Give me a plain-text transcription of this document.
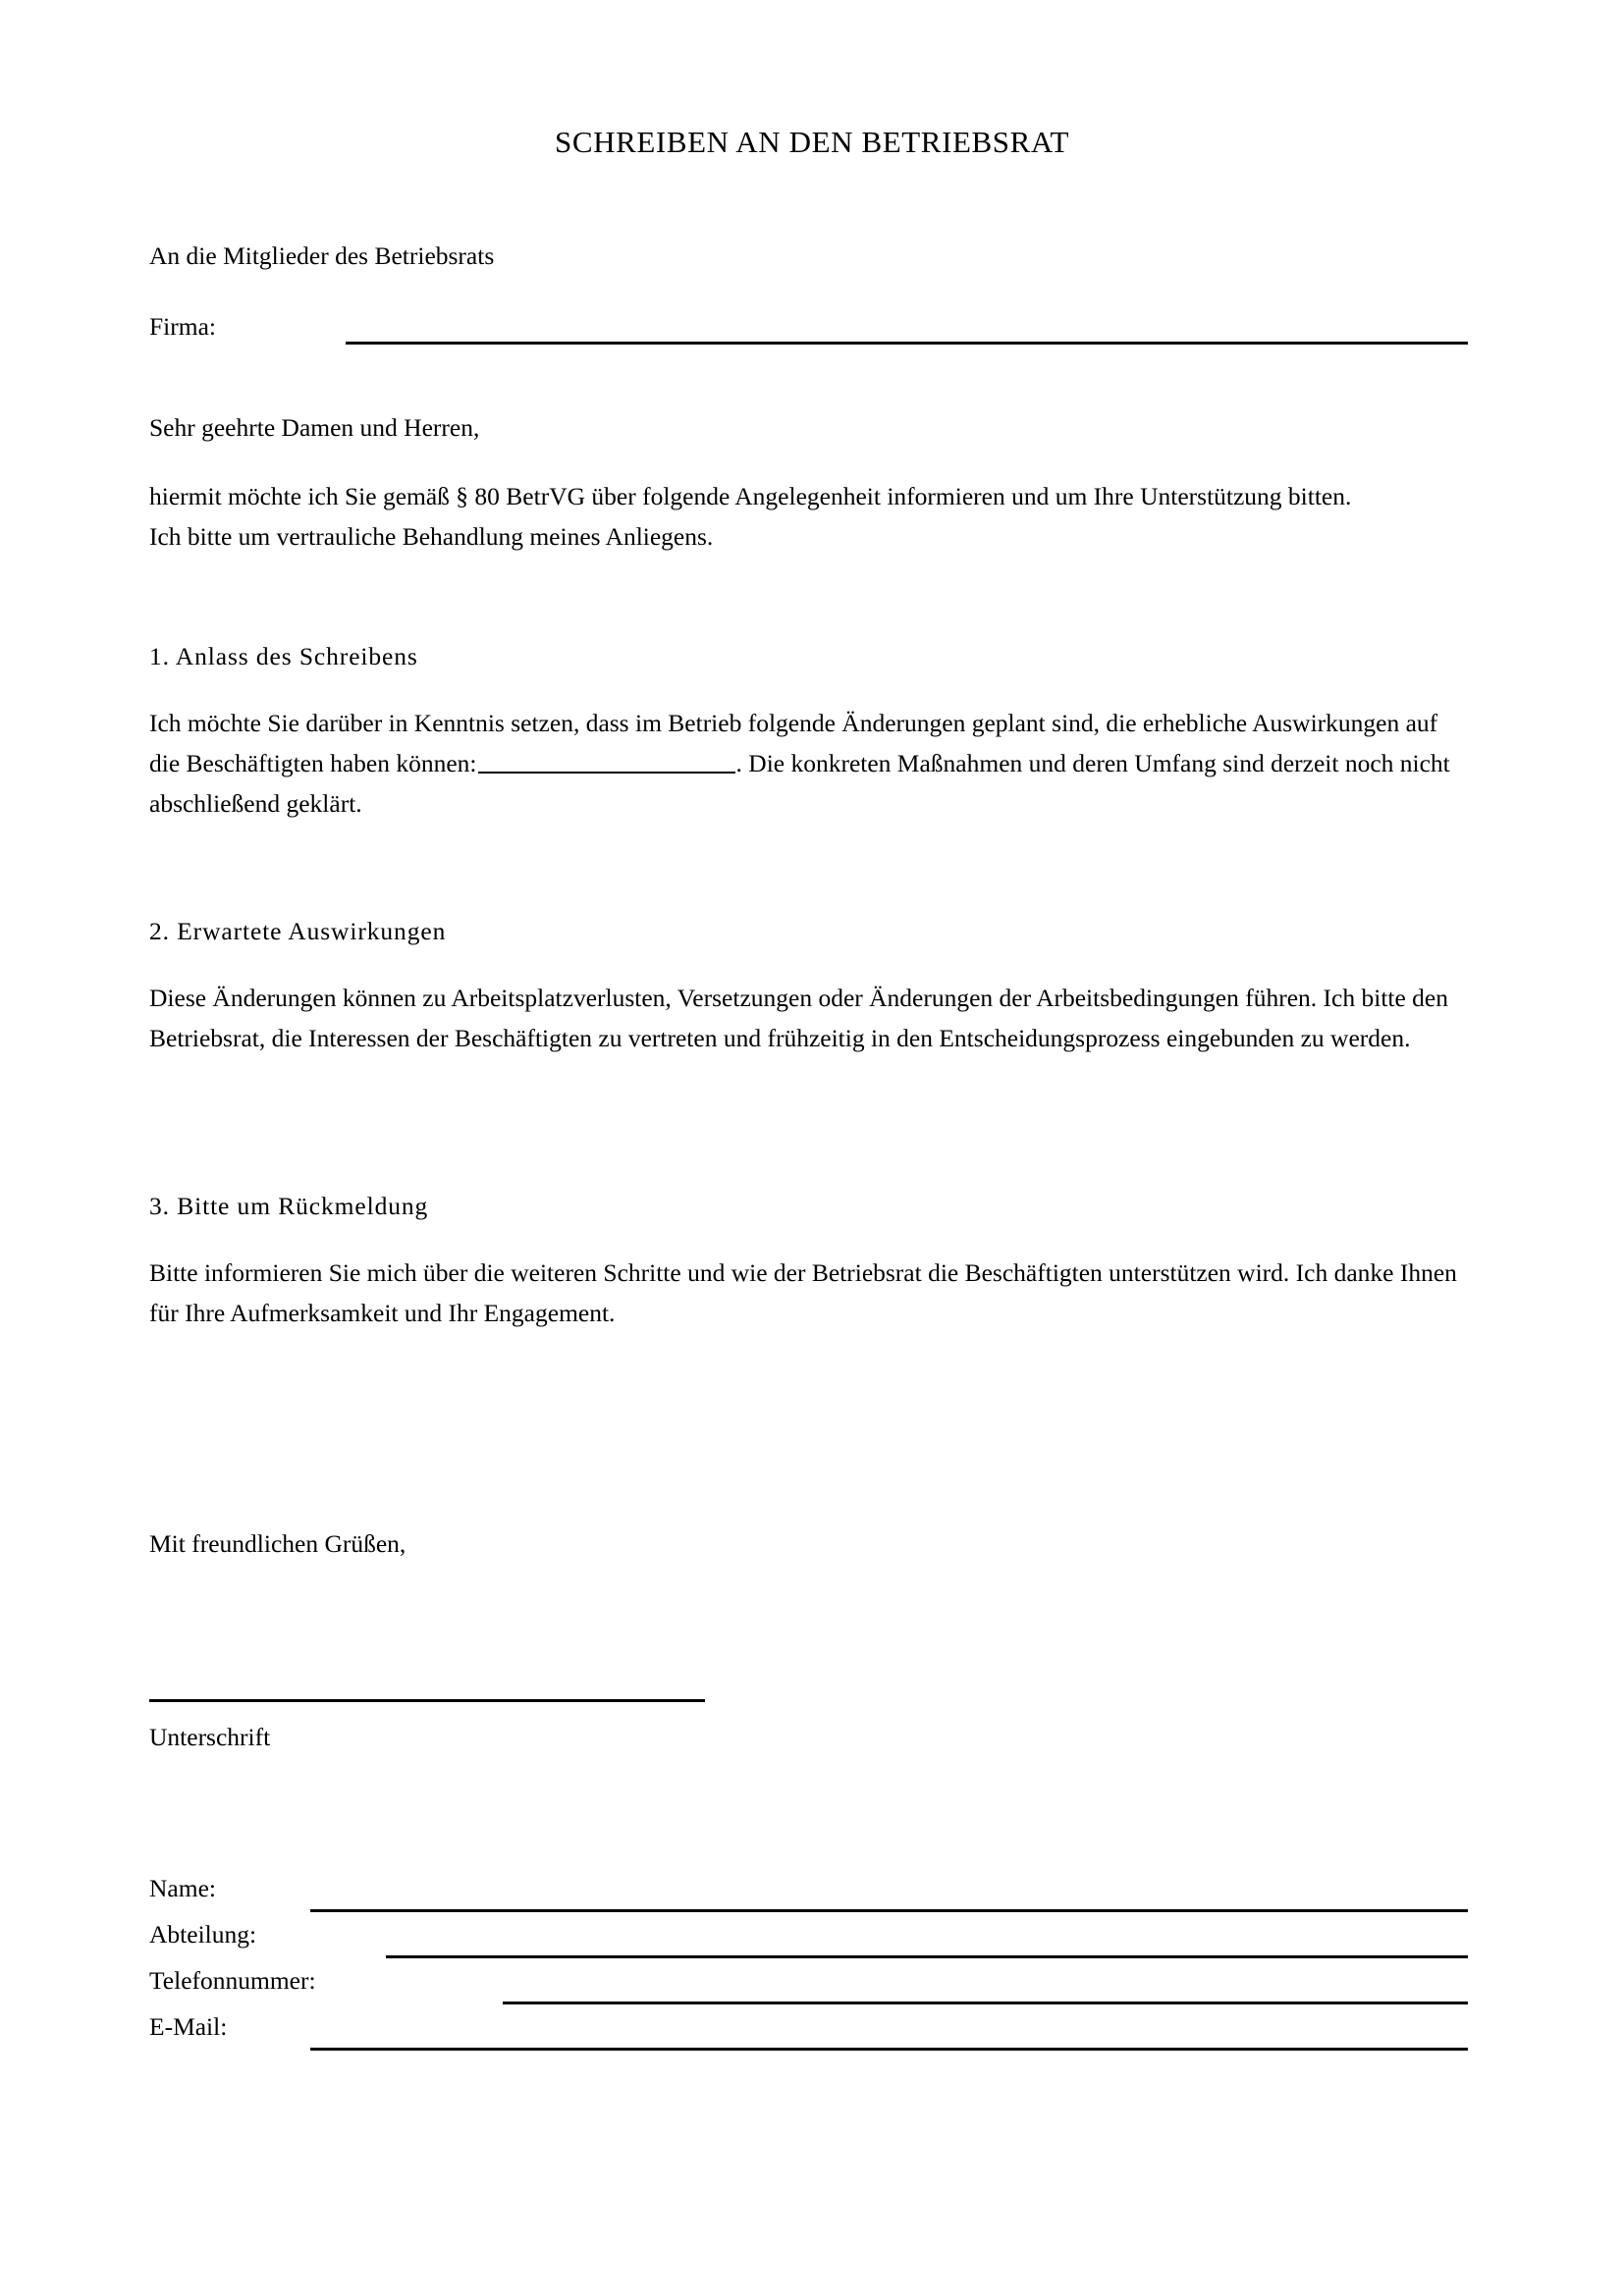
SCHREIBEN AN DEN BETRIEBSRAT

An die Mitglieder des Betriebsrats

Firma:

Sehr geehrte Damen und Herren,

hiermit möchte ich Sie gemäß § 80 BetrVG über folgende Angelegenheit informieren und um Ihre Unterstützung bitten.

Ich bitte um vertrauliche Behandlung meines Anliegens.

1. Anlass des Schreibens

Ich möchte Sie darüber in Kenntnis setzen, dass im Betrieb folgende Änderungen geplant sind, die erhebliche Auswirkungen auf die Beschäftigten haben können:	. Die konkreten Maßnahmen und deren Umfang sind derzeit noch nicht abschließend geklärt.

2. Erwartete Auswirkungen

Diese Änderungen können zu Arbeitsplatzverlusten, Versetzungen oder Änderungen der Arbeitsbedingungen führen. Ich bitte den Betriebsrat, die Interessen der Beschäftigten zu vertreten und frühzeitig in den Entscheidungsprozess eingebunden zu werden.

3. Bitte um Rückmeldung

Bitte informieren Sie mich über die weiteren Schritte und wie der Betriebsrat die Beschäftigten unterstützen wird. Ich danke Ihnen für Ihre Aufmerksamkeit und Ihr Engagement.

Mit freundlichen Grüßen,

Unterschrift
Name:
Abteilung:
Telefonnummer:
E-Mail:
